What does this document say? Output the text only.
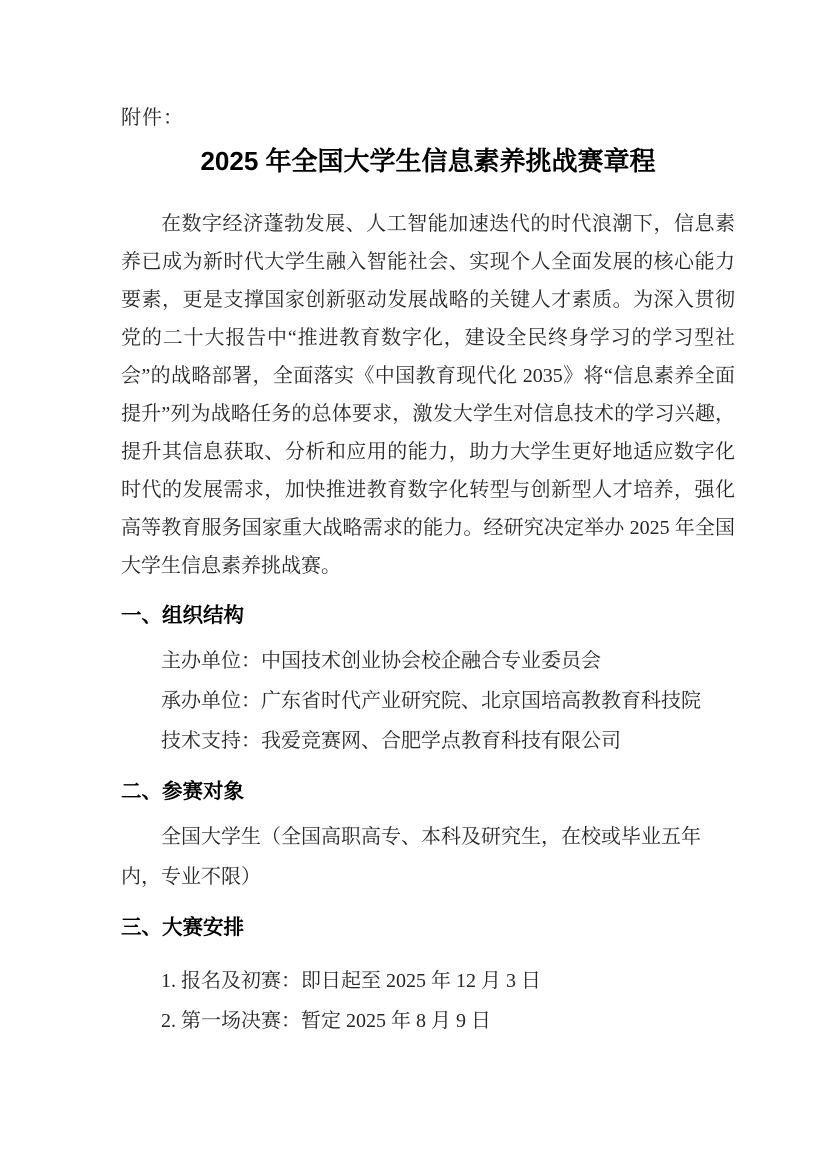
附件：
2025 年全国大学生信息素养挑战赛章程

在数字经济蓬勃发展、人工智能加速迭代的时代浪潮下，信息素养已成为新时代大学生融入智能社会、实现个人全面发展的核心能力要素，更是支撑国家创新驱动发展战略的关键人才素质。为深入贯彻党的二十大报告中“推进教育数字化，建设全民终身学习的学习型社会”的战略部署，全面落实《中国教育现代化 2035》将“信息素养全面提升”列为战略任务的总体要求，激发大学生对信息技术的学习兴趣，提升其信息获取、分析和应用的能力，助力大学生更好地适应数字化时代的发展需求，加快推进教育数字化转型与创新型人才培养，强化高等教育服务国家重大战略需求的能力。经研究决定举办 2025 年全国大学生信息素养挑战赛。

一、组织结构
主办单位：中国技术创业协会校企融合专业委员会
承办单位：广东省时代产业研究院、北京国培高教教育科技院
技术支持：我爱竞赛网、合肥学点教育科技有限公司
二、参赛对象

全国大学生（全国高职高专、本科及研究生，在校或毕业五年内，专业不限）

三、大赛安排
1. 报名及初赛：即日起至 2025 年 12 月 3 日
2. 第一场决赛：暂定 2025 年 8 月 9 日
